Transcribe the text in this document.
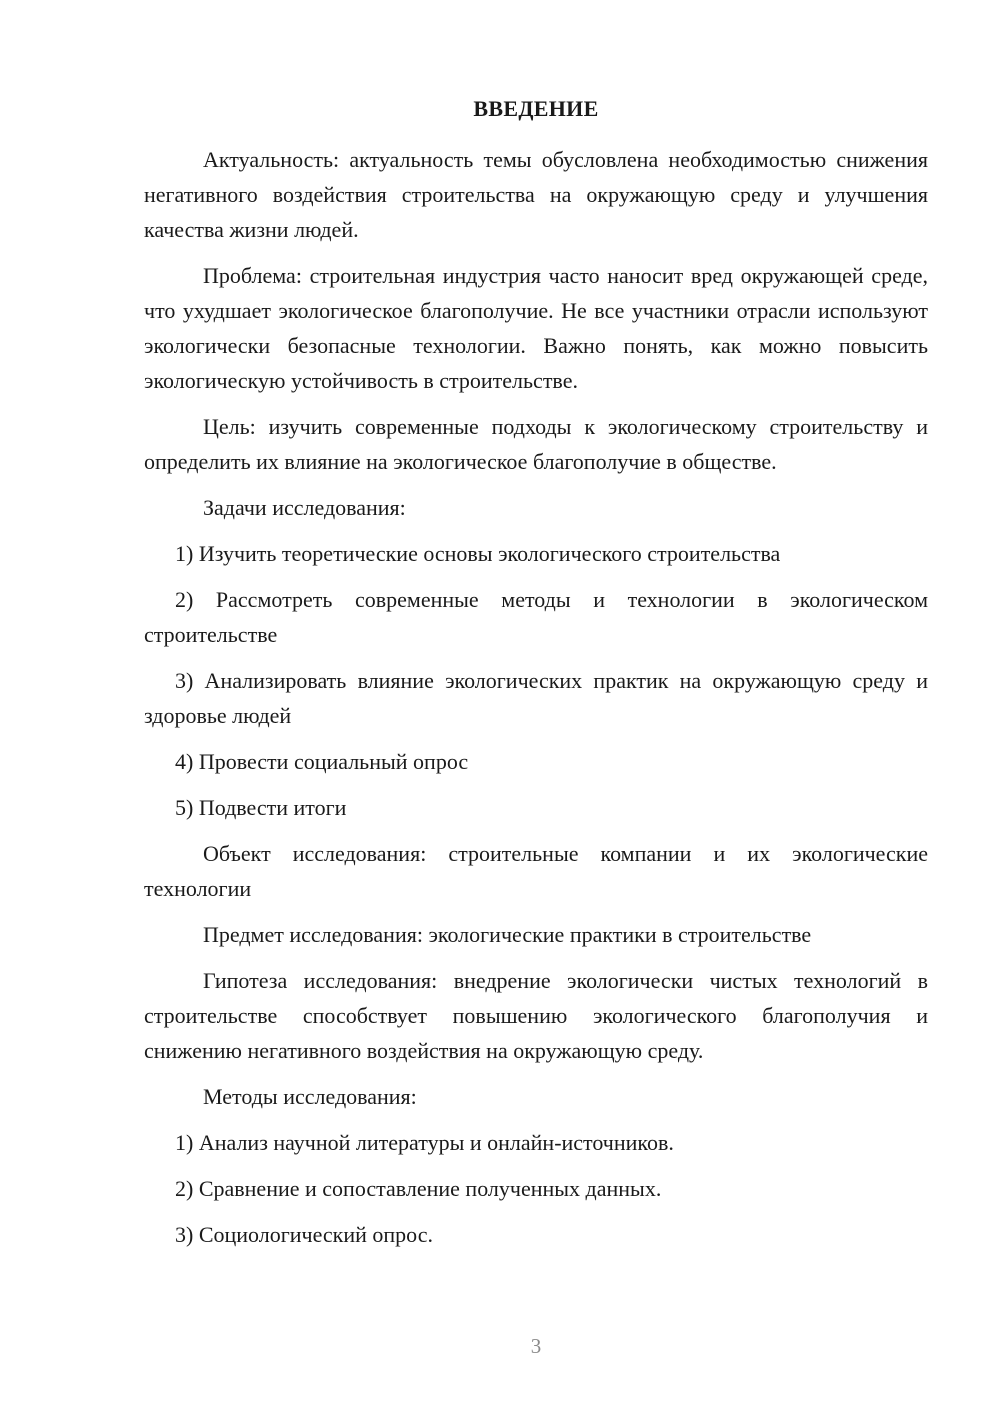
ВВЕДЕНИЕ

Актуальность: актуальность темы обусловлена необходимостью снижения негативного воздействия строительства на окружающую среду и улучшения качества жизни людей.

Проблема: строительная индустрия часто наносит вред окружающей среде, что ухудшает экологическое благополучие. Не все участники отрасли используют экологически безопасные технологии. Важно понять, как можно повысить экологическую устойчивость в строительстве.

Цель: изучить современные подходы к экологическому строительству и определить их влияние на экологическое благополучие в обществе.

Задачи исследования:

1) Изучить теоретические основы экологического строительства

2) Рассмотреть современные методы и технологии в экологическом строительстве

3) Анализировать влияние экологических практик на окружающую среду и здоровье людей

4) Провести социальный опрос

5) Подвести итоги

Объект исследования: строительные компании и их экологические технологии

Предмет исследования: экологические практики в строительстве

Гипотеза исследования: внедрение экологически чистых технологий в строительстве способствует повышению экологического благополучия и снижению негативного воздействия на окружающую среду.

Методы исследования:

1) Анализ научной литературы и онлайн-источников.

2) Сравнение и сопоставление полученных данных.

3) Социологический опрос.

3
